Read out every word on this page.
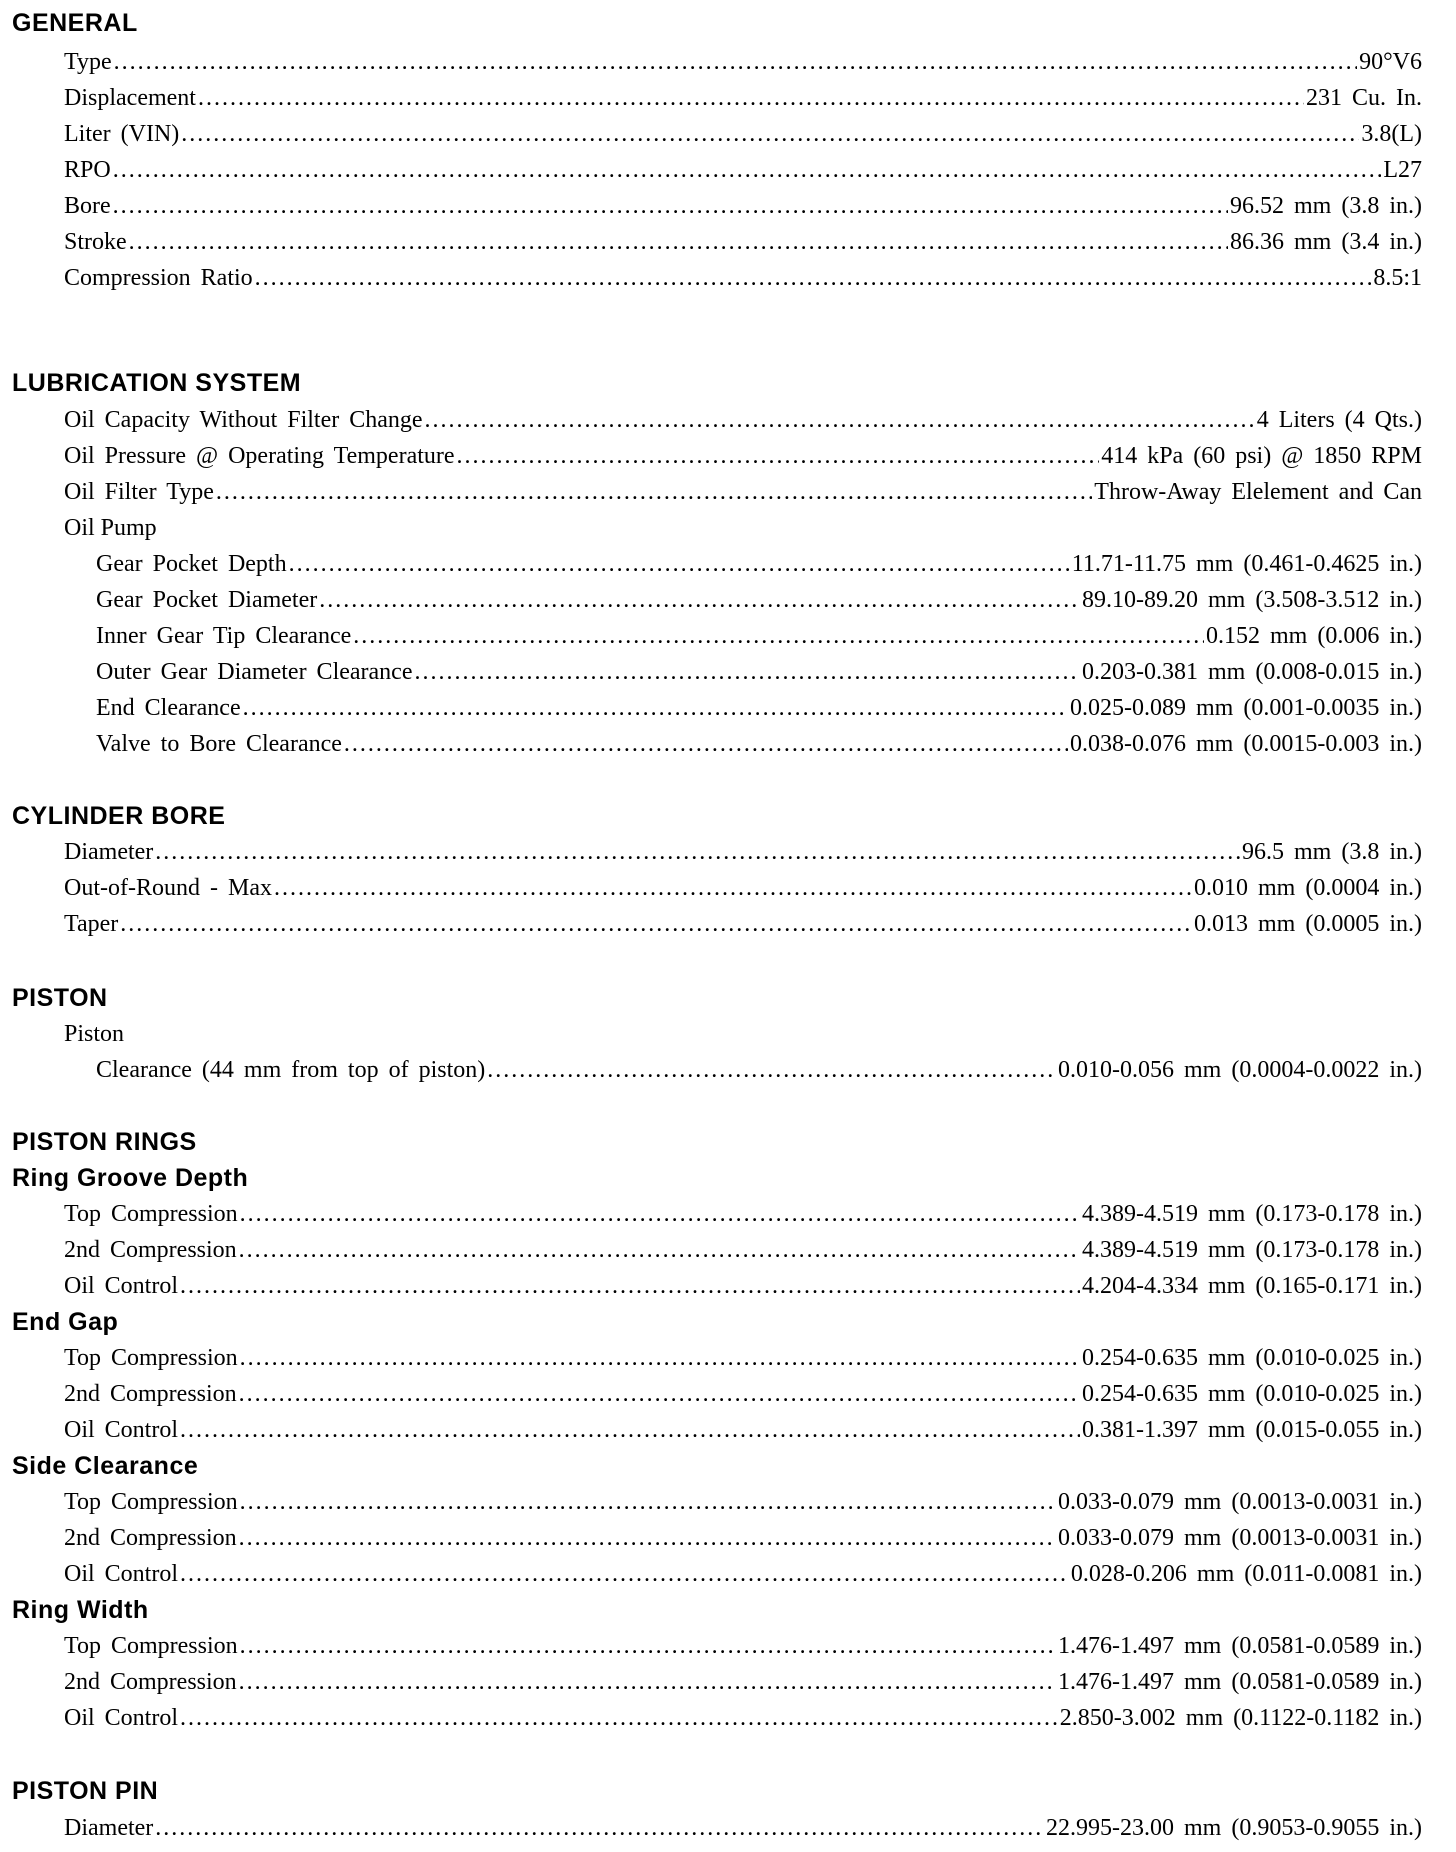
GENERAL
Type .....	90°V6
Displacement .....	231 Cu. In.
Liter (VIN) .....	3.8(L)
RPO .....	L27
Bore .....	96.52 mm (3.8 in.)
Stroke .....	86.36 mm (3.4 in.)
Compression Ratio .....	8.5:1
LUBRICATION SYSTEM
Oil Capacity Without Filter Change .....	4 Liters (4 Qts.)
Oil Pressure @ Operating Temperature .....	414 kPa (60 psi) @ 1850 RPM
Oil Filter Type .....	Throw-Away Elelement and Can
Oil Pump
Gear Pocket Depth .....	11.71-11.75 mm (0.461-0.4625 in.)
Gear Pocket Diameter .....	89.10-89.20 mm (3.508-3.512 in.)
Inner Gear Tip Clearance .....	0.152 mm (0.006 in.)
Outer Gear Diameter Clearance .....	0.203-0.381 mm (0.008-0.015 in.)
End Clearance .....	0.025-0.089 mm (0.001-0.0035 in.)
Valve to Bore Clearance .....	0.038-0.076 mm (0.0015-0.003 in.)
CYLINDER BORE
Diameter .....	96.5 mm (3.8 in.)
Out-of-Round - Max .....	0.010 mm (0.0004 in.)
Taper .....	0.013 mm (0.0005 in.)
PISTON
Piston
Clearance (44 mm from top of piston) .....	0.010-0.056 mm (0.0004-0.0022 in.)
PISTON RINGS
Ring Groove Depth
Top Compression .....	4.389-4.519 mm (0.173-0.178 in.)
2nd Compression .....	4.389-4.519 mm (0.173-0.178 in.)
Oil Control .....	4.204-4.334 mm (0.165-0.171 in.)
End Gap
Top Compression .....	0.254-0.635 mm (0.010-0.025 in.)
2nd Compression .....	0.254-0.635 mm (0.010-0.025 in.)
Oil Control .....	0.381-1.397 mm (0.015-0.055 in.)
Side Clearance
Top Compression .....	0.033-0.079 mm (0.0013-0.0031 in.)
2nd Compression .....	0.033-0.079 mm (0.0013-0.0031 in.)
Oil Control .....	0.028-0.206 mm (0.011-0.0081 in.)
Ring Width
Top Compression .....	1.476-1.497 mm (0.0581-0.0589 in.)
2nd Compression .....	1.476-1.497 mm (0.0581-0.0589 in.)
Oil Control .....	2.850-3.002 mm (0.1122-0.1182 in.)
PISTON PIN
Diameter .....	22.995-23.00 mm (0.9053-0.9055 in.)
